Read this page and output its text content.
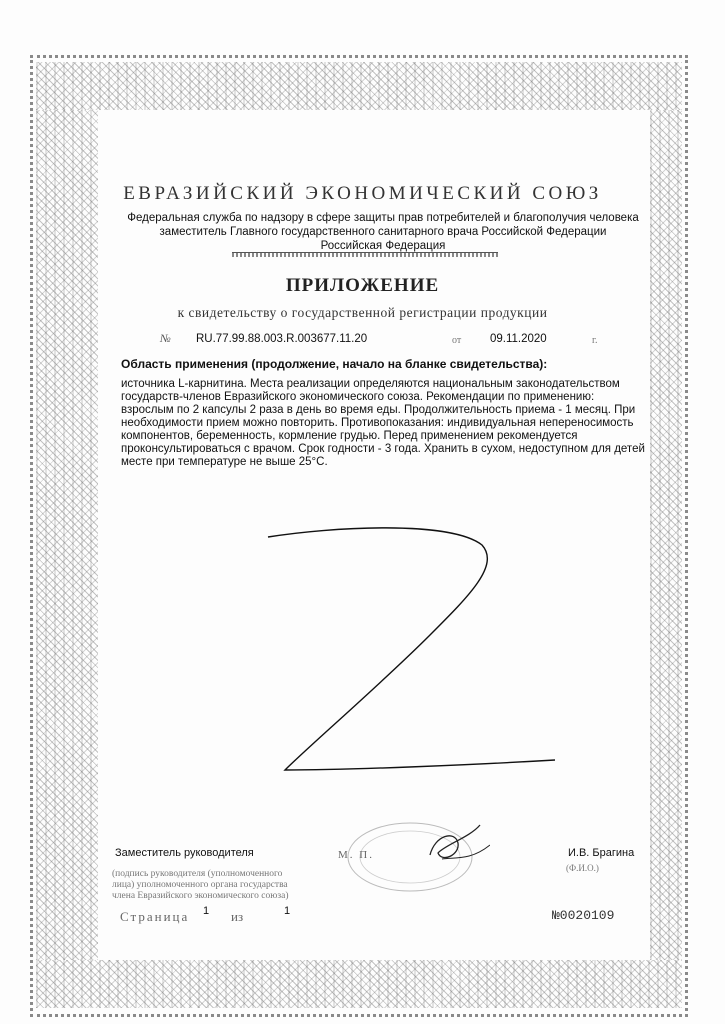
ЕВРАЗИЙСКИЙ ЭКОНОМИЧЕСКИЙ СОЮЗ
Федеральная служба по надзору в сфере защиты прав потребителей и благополучия человека
заместитель Главного государственного санитарного врача Российской Федерации
Российская Федерация
ПРИЛОЖЕНИЕ
к свидетельству о государственной регистрации продукции
№ RU.77.99.88.003.R.003677.11.20	от	09.11.2020	г.
Область применения (продолжение, начало на бланке свидетельства):
источника L-карнитина. Места реализации определяются национальным законодательством
государств-членов Евразийского экономического союза. Рекомендации по применению:
взрослым по 2 капсулы 2 раза в день во время еды. Продолжительность приема - 1 месяц. При
необходимости прием можно повторить. Противопоказания: индивидуальная непереносимость
компонентов, беременность, кормление грудью. Перед применением рекомендуется
проконсультироваться с врачом. Срок годности - 3 года. Хранить в сухом, недоступном для детей
месте при температуре не выше 25°С.
Заместитель руководителя	М. П.	И.В. Брагина
(Ф.И.О.)
(подпись руководителя (уполномоченного
лица) уполномоченного органа государства
члена Евразийского экономического союза)
Страница 1 из	1	№0020109
